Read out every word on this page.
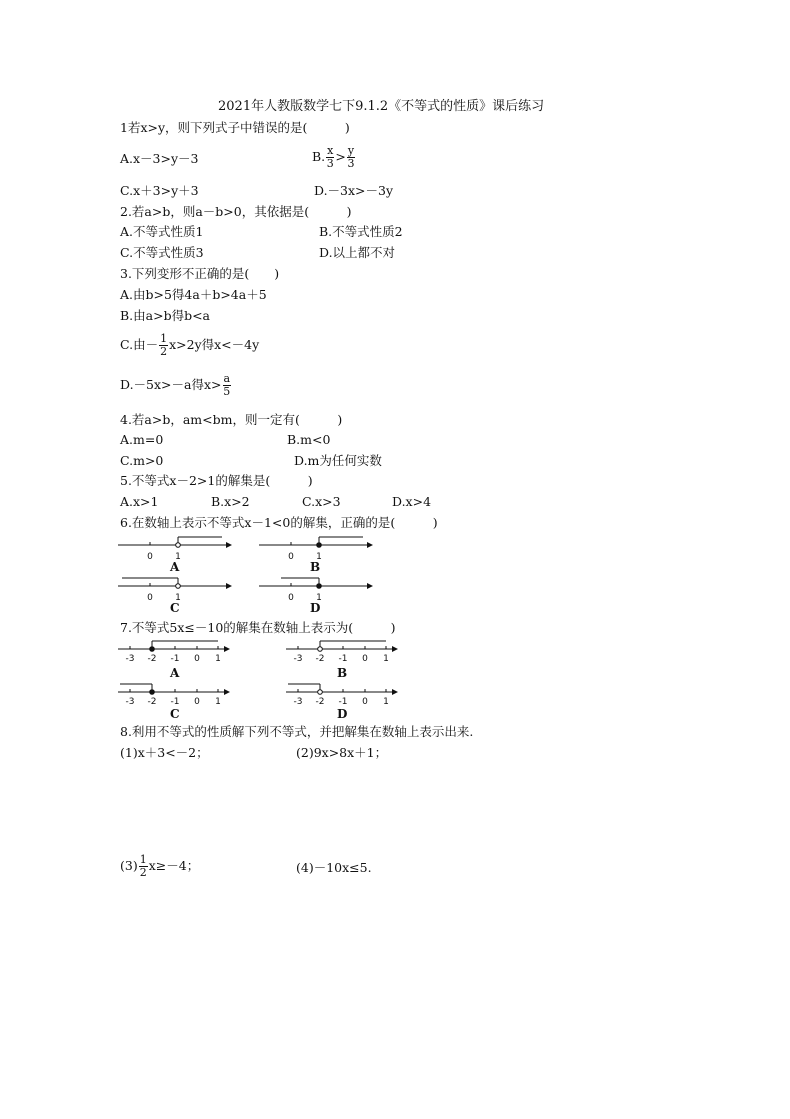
2021年人教版数学七下9.1.2《不等式的性质》课后练习
1若x>y，则下列式子中错误的是(　　　)
A.x－3>y－3	B. $\frac{x}{3} > \frac{y}{3}$
C.x＋3>y＋3	D.－3x>－3y
2.若a>b，则a－b>0，其依据是(　　　)
A.不等式性质1	B.不等式性质2
C.不等式性质3	D.以上都不对
3.下列变形不正确的是(　　)
A.由b>5得4a＋b>4a＋5
B.由a>b得b<a
C.由－ $\frac{1}{2} x>2y$得x<－4y
D.－5x>－a得$x> \frac{a}{5}$
4.若a>b，am<bm，则一定有(　　　)
A.m=0	B.m<0
C.m>0	D.m为任何实数
5.不等式x－2>1的解集是(　　　)
A.x>1	B.x>2	C.x>3	D.x>4
6.在数轴上表示不等式x－1<0的解集，正确的是(　　　)
0 1
A
0 1
B
0 1
C
0 1
D
7.不等式5x≤－10的解集在数轴上表示为(　　　)
-3 -2 -1 0 1
A
-3 -2 -1 0 1
B
-3 -2 -1 0 1
C
-3 -2 -1 0 1
D
8.利用不等式的性质解下列不等式，并把解集在数轴上表示出来.
(1)x＋3<－2；	(2)9x>8x＋1；
$(3) \frac{1}{2} x\ge-4$；	(4)－10x≤5.
